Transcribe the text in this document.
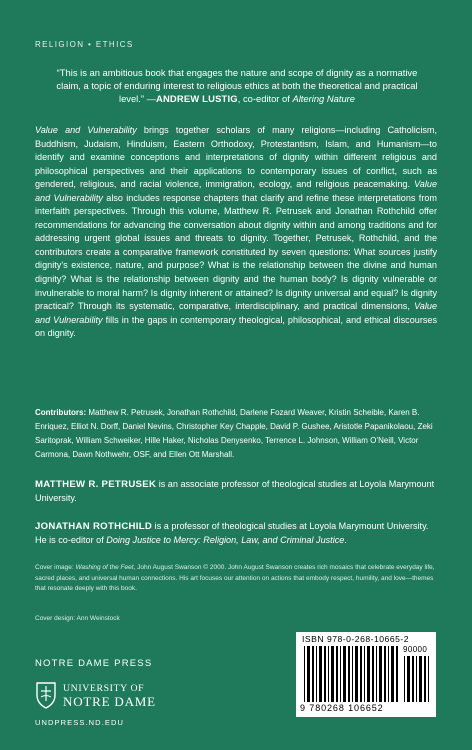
RELIGION • ETHICS
“This is an ambitious book that engages the nature and scope of dignity as a normative claim, a topic of enduring interest to religious ethics at both the theoretical and practical level.” —ANDREW LUSTIG, co-editor of Altering Nature
Value and Vulnerability brings together scholars of many religions—including Catholicism, Buddhism, Judaism, Hinduism, Eastern Orthodoxy, Protestantism, Islam, and Humanism—to identify and examine conceptions and interpretations of dignity within different religious and philosophical perspectives and their applications to contemporary issues of conflict, such as gendered, religious, and racial violence, immigration, ecology, and religious peacemaking. Value and Vulnerability also includes response chapters that clarify and refine these interpretations from interfaith perspectives. Through this volume, Matthew R. Petrusek and Jonathan Rothchild offer recommendations for advancing the conversation about dignity within and among traditions and for addressing urgent global issues and threats to dignity. Together, Petrusek, Rothchild, and the contributors create a comparative framework constituted by seven questions: What sources justify dignity’s existence, nature, and purpose? What is the relationship between the divine and human dignity? What is the relationship between dignity and the human body? Is dignity vulnerable or invulnerable to moral harm? Is dignity inherent or attained? Is dignity universal and equal? Is dignity practical? Through its systematic, comparative, interdisciplinary, and practical dimensions, Value and Vulnerability fills in the gaps in contemporary theological, philosophical, and ethical discourses on dignity.
Contributors: Matthew R. Petrusek, Jonathan Rothchild, Darlene Fozard Weaver, Kristin Scheible, Karen B. Enriquez, Elliot N. Dorff, Daniel Nevins, Christopher Key Chapple, David P. Gushee, Aristotle Papanikolaou, Zeki Saritoprak, William Schweiker, Hille Haker, Nicholas Denysenko, Terrence L. Johnson, William O’Neill, Victor Carmona, Dawn Nothwehr, OSF, and Ellen Ott Marshall.
MATTHEW R. PETRUSEK is an associate professor of theological studies at Loyola Marymount University.
JONATHAN ROTHCHILD is a professor of theological studies at Loyola Marymount University. He is co-editor of Doing Justice to Mercy: Religion, Law, and Criminal Justice.
Cover image: Washing of the Feet, John August Swanson © 2000. John August Swanson creates rich mosaics that celebrate everyday life, sacred places, and universal human connections. His art focuses our attention on actions that embody respect, humility, and love—themes that resonate deeply with this book.
Cover design: Ann Weinstock
NOTRE DAME PRESS
UNIVERSITY OF
NOTRE DAME
UNDPRESS.ND.EDU
ISBN 978-0-268-10665-2
90000
9 780268 106652
